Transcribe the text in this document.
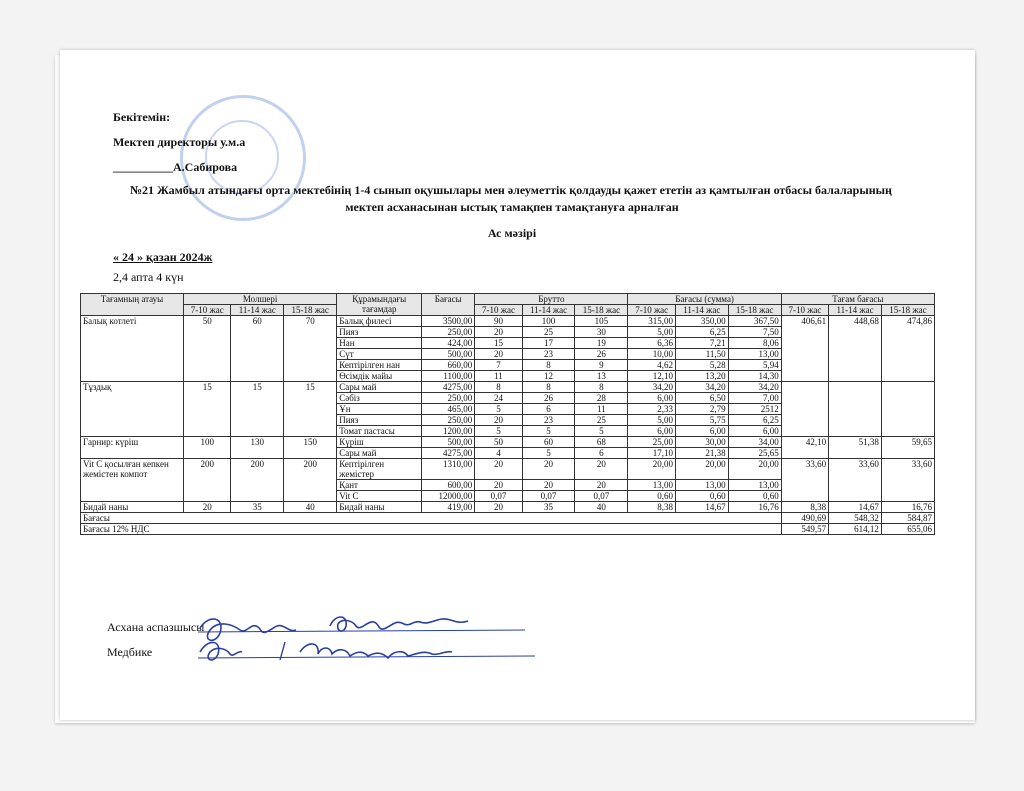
Бекітемін:
Мектеп директоры у.м.а
__________А.Сабирова
№21 Жамбыл атындағы орта мектебінің 1-4 сынып оқушылары мен әлеуметтік қолдауды қажет ететін аз қамтылған отбасы балаларының
мектеп асханасынан ыстық тамақпен тамақтануға арналған
Ас мәзірі
« 24 » қазан 2024ж
2,4 апта 4 күн
Тағамның атауы	Молшері			Құрамындағы тағамдар	Бағасы	Брутто			Бағасы (сумма)			Тағам бағасы		
	7-10 жас	11-14 жас	15-18 жас			7-10 жас	11-14 жас	15-18 жас	7-10 жас	11-14 жас	15-18 жас	7-10 жас	11-14 жас	15-18 жас
Балық котлеті	50	60	70	Балық филесі	3500,00	90	100	105	315,00	350,00	367,50	406,61	448,68	474,86
				Пияз	250,00	20	25	30	5,00	6,25	7,50			
				Нан	424,00	15	17	19	6,36	7,21	8,06			
				Сүт	500,00	20	23	26	10,00	11,50	13,00			
				Кептірілген нан	660,00	7	8	9	4,62	5,28	5,94			
				Өсімдік майы	1100,00	11	12	13	12,10	13,20	14,30			
Тұздық	15	15	15	Сары май	4275,00	8	8	8	34,20	34,20	34,20			
				Сәбіз	250,00	24	26	28	6,00	6,50	7,00			
				Ұн	465,00	5	6	11	2,33	2,79	2512			
				Пияз	250,00	20	23	25	5,00	5,75	6,25			
				Томат пастасы	1200,00	5	5	5	6,00	6,00	6,00			
Гарнир: күріш	100	130	150	Күріш	500,00	50	60	68	25,00	30,00	34,00	42,10	51,38	59,65
				Сары май	4275,00	4	5	6	17,10	21,38	25,65			
Vit C қосылған кепкен жемістен компот	200	200	200	Кептірілген жемістер	1310,00	20	20	20	20,00	20,00	20,00	33,60	33,60	33,60
				Қант	600,00	20	20	20	13,00	13,00	13,00			
				Vit C	12000,00	0,07	0,07	0,07	0,60	0,60	0,60			
Бидай наны	20	35	40	Бидай наны	419,00	20	35	40	8,38	14,67	16,76	8,38	14,67	16,76
Бағасы												490,69	548,32	584,87
Бағасы 12% НДС												549,57	614,12	655,06
Асхана аспазшысы
Медбике
